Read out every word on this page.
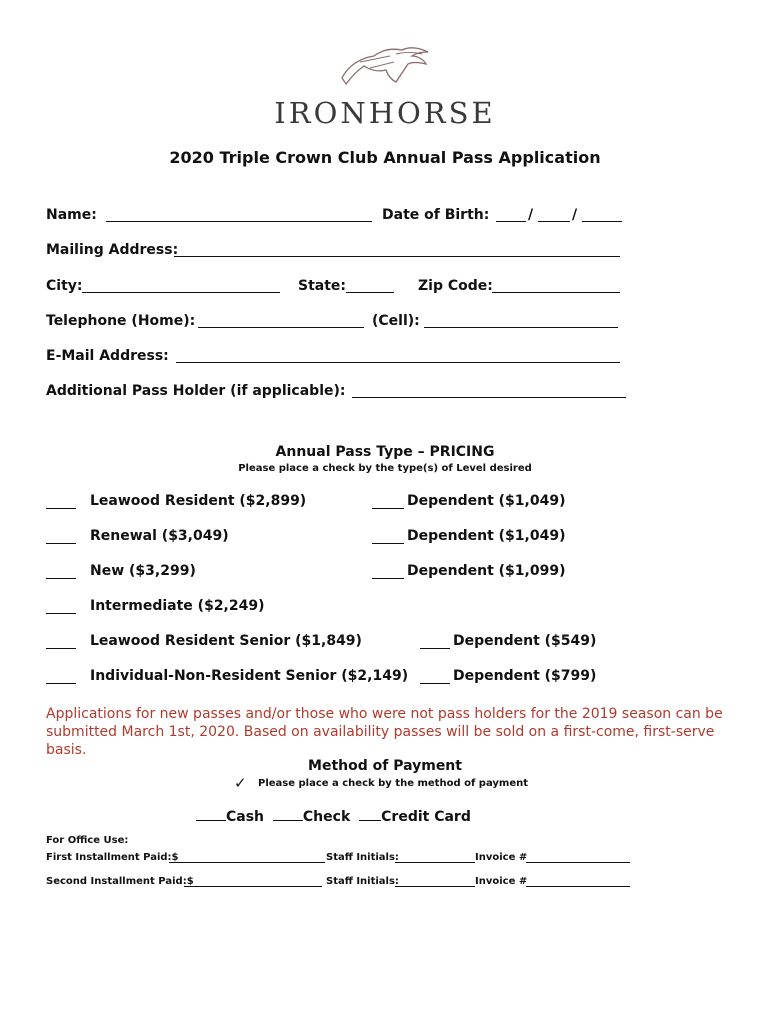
IRONHORSE
2020 Triple Crown Club Annual Pass Application
Name:	Date of Birth:	/	/
Mailing Address:
City:	State:	Zip Code:
Telephone (Home):	(Cell):
E-Mail Address:
Additional Pass Holder (if applicable):
Annual Pass Type – PRICING
Please place a check by the type(s) of Level desired
Leawood Resident ($2,899)	Dependent ($1,049)
Renewal ($3,049)	Dependent ($1,049)
New ($3,299)	Dependent ($1,099)
Intermediate ($2,249)
Leawood Resident Senior ($1,849)	Dependent ($549)
Individual-Non-Resident Senior ($2,149)	Dependent ($799)
Applications for new passes and/or those who were not pass holders for the 2019 season can be submitted March 1st, 2020. Based on availability passes will be sold on a first-come, first-serve basis.
Method of Payment
✓ Please place a check by the method of payment
Cash	Check Credit Card
For Office Use:
First Installment Paid:$	Staff Initials:	Invoice #
Second Installment Paid:$	Staff Initials:	Invoice #
